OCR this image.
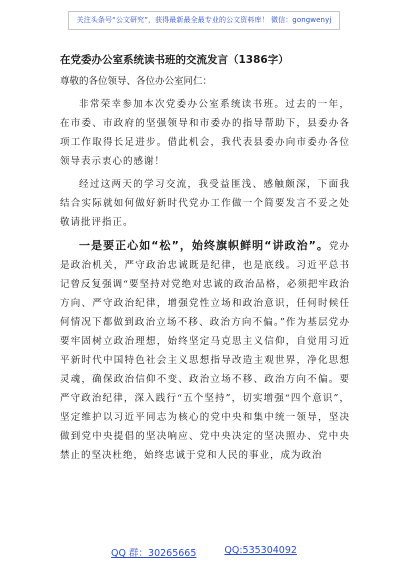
关注头条号“公文研究”，获得最新最全最专业的公文资料库！ 微信：gongwenyj

在党委办公室系统读书班的交流发言（1386字）

尊敬的各位领导、各位办公室同仁：

非常荣幸参加本次党委办公室系统读书班。过去的一年，在市委、市政府的坚强领导和市委办的指导帮助下，县委办各项工作取得长足进步。借此机会，我代表县委办向市委办各位领导表示衷心的感谢！

经过这两天的学习交流，我受益匪浅、感触颇深，下面我结合实际就如何做好新时代党办工作做一个简要发言不妥之处敬请批评指正。

一是要正心如“松”，始终旗帜鲜明“讲政治”。党办是政治机关，严守政治忠诚既是纪律，也是底线。习近平总书记曾反复强调“要坚持对党绝对忠诚的政治品格，必须把牢政治方向、严守政治纪律，增强党性立场和政治意识，任何时候任何情况下都做到政治立场不移、政治方向不偏。”作为基层党办要牢固树立政治理想，始终坚定马克思主义信仰，自觉用习近平新时代中国特色社会主义思想指导改造主观世界，净化思想灵魂，确保政治信仰不变、政治立场不移、政治方向不偏。要严守政治纪律，深入践行“五个坚持”，切实增强“四个意识”，坚定维护以习近平同志为核心的党中央和集中统一领导，坚决做到党中央提倡的坚决响应、党中央决定的坚决照办、党中央禁止的坚决杜绝，始终忠诚于党和人民的事业，成为政治

QQ 群：30265665	QQ:535304092
